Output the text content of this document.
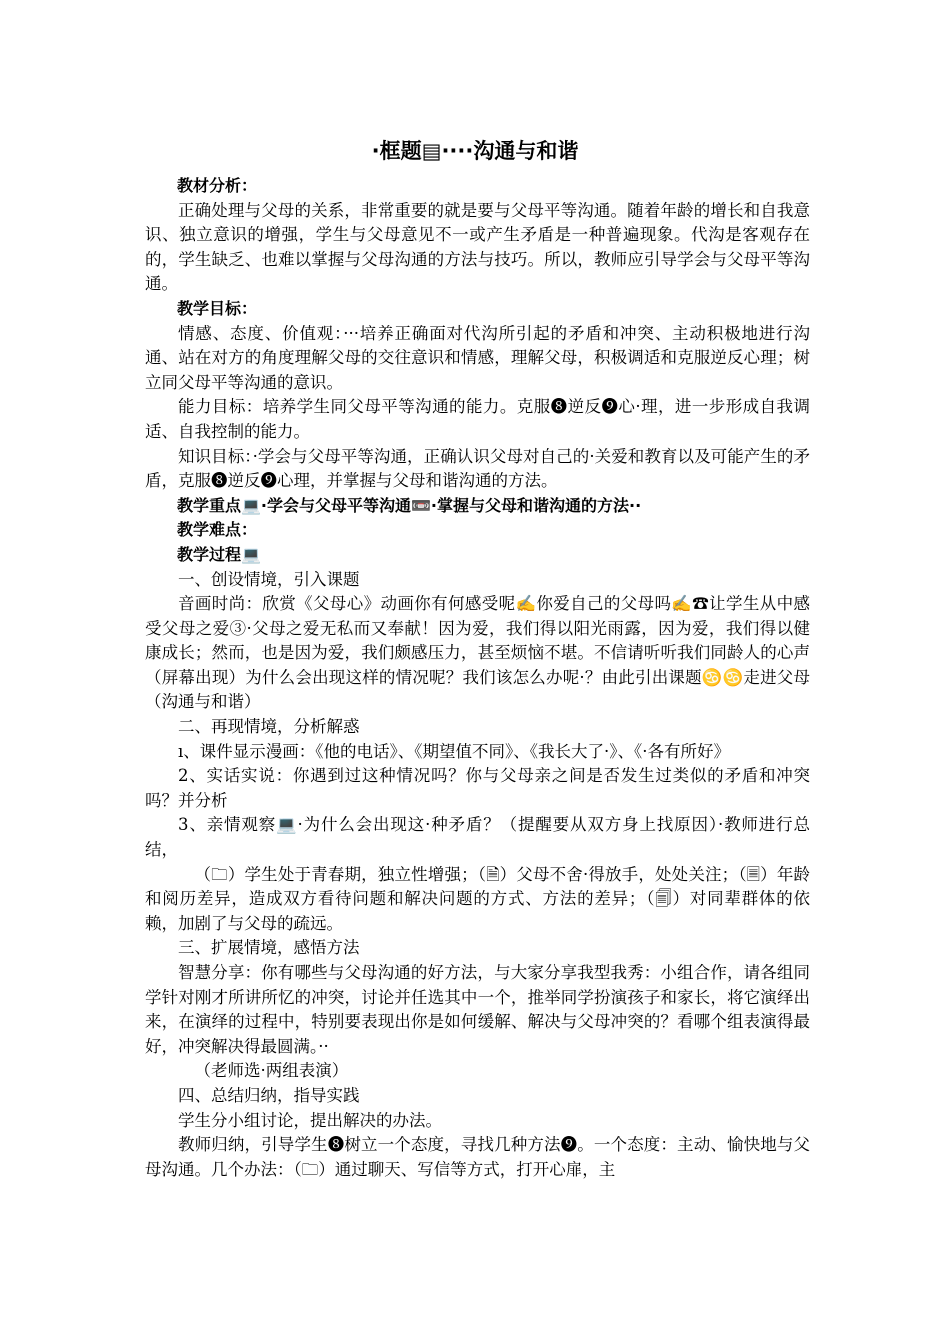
·框题▤····沟通与和谐

教材分析：

正确处理与父母的关系，非常重要的就是要与父母平等沟通。随着年龄的增长和自我意识、独立意识的增强，学生与父母意见不一或产生矛盾是一种普遍现象。代沟是客观存在的，学生缺乏、也难以掌握与父母沟通的方法与技巧。所以，教师应引导学会与父母平等沟通。

教学目标：

情感、态度、价值观：···培养正确面对代沟所引起的矛盾和冲突、主动积极地进行沟通、站在对方的角度理解父母的交往意识和情感，理解父母，积极调适和克服逆反心理；树立同父母平等沟通的意识。

能力目标：培养学生同父母平等沟通的能力。克服❽逆反❾心·理，进一步形成自我调适、自我控制的能力。

知识目标：·学会与父母平等沟通，正确认识父母对自己的·关爱和教育以及可能产生的矛盾，克服❽逆反❾心理，并掌握与父母和谐沟通的方法。

教学重点💻·学会与父母平等沟通📼·掌握与父母和谐沟通的方法··

教学难点：

教学过程💻

一、创设情境，引入课题

音画时尚：欣赏《父母心》动画你有何感受呢✍你爱自己的父母吗✍☎让学生从中感受父母之爱③·父母之爱无私而又奉献！因为爱，我们得以阳光雨露，因为爱，我们得以健康成长；然而，也是因为爱，我们颇感压力，甚至烦恼不堪。不信请听听我们同龄人的心声（屏幕出现）为什么会出现这样的情况呢？我们该怎么办呢·？由此引出课题♋♋走进父母（沟通与和谐）

二、再现情境，分析解惑

ı、课件显示漫画：《他的电话》、《期望值不同》、《我长大了·》、《·各有所好》

2、实话实说：你遇到过这种情况吗？你与父母亲之间是否发生过类似的矛盾和冲突吗？并分析

3、亲情观察💻·为什么会出现这·种矛盾？（提醒要从双方身上找原因）·教师进行总结，

（🗀）学生处于青春期，独立性增强；（🗎）父母不舍·得放手，处处关注；（🗏）年龄和阅历差异，造成双方看待问题和解决问题的方式、方法的差异；（🗐）对同辈群体的依赖，加剧了与父母的疏远。

三、扩展情境，感悟方法

智慧分享：你有哪些与父母沟通的好方法，与大家分享我型我秀：小组合作，请各组同学针对刚才所讲所忆的冲突，讨论并任选其中一个，推举同学扮演孩子和家长，将它演绎出来，在演绎的过程中，特别要表现出你是如何缓解、解决与父母冲突的？看哪个组表演得最好，冲突解决得最圆满。··

（老师选·两组表演）

四、总结归纳，指导实践

学生分小组讨论，提出解决的办法。

教师归纳，引导学生❽树立一个态度，寻找几种方法❾。一个态度：主动、愉快地与父母沟通。几个办法：（🗀）通过聊天、写信等方式，打开心扉，主
